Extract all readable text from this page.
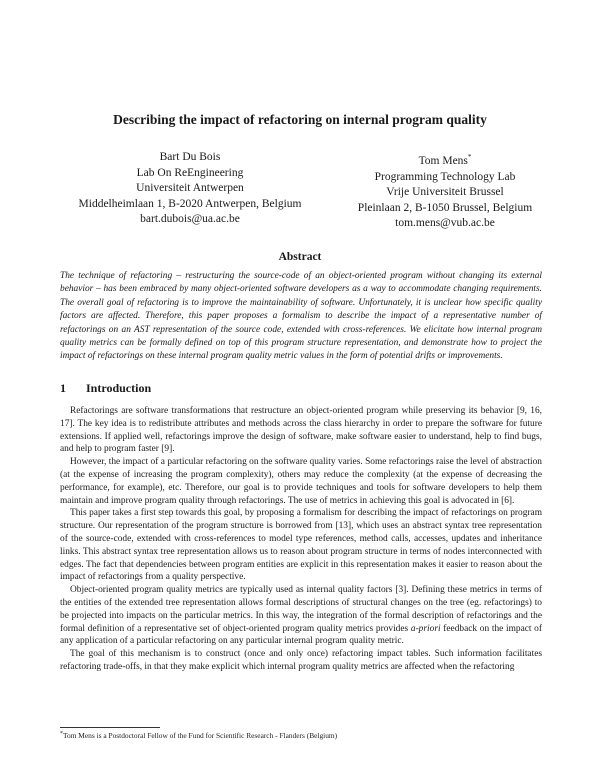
Describing the impact of refactoring on internal program quality
Bart Du Bois
Lab On ReEngineering
Universiteit Antwerpen
Middelheimlaan 1, B-2020 Antwerpen, Belgium
bart.dubois@ua.ac.be
Tom Mens*
Programming Technology Lab
Vrije Universiteit Brussel
Pleinlaan 2, B-1050 Brussel, Belgium
tom.mens@vub.ac.be
Abstract
The technique of refactoring – restructuring the source-code of an object-oriented program without changing its external behavior – has been embraced by many object-oriented software developers as a way to accommodate changing requirements. The overall goal of refactoring is to improve the maintainability of software. Unfortunately, it is unclear how specific quality factors are affected. Therefore, this paper proposes a formalism to describe the impact of a representative number of refactorings on an AST representation of the source code, extended with cross-references. We elicitate how internal program quality metrics can be formally defined on top of this program structure representation, and demonstrate how to project the impact of refactorings on these internal program quality metric values in the form of potential drifts or improvements.
1 Introduction

Refactorings are software transformations that restructure an object-oriented program while preserving its behavior [9, 16, 17]. The key idea is to redistribute attributes and methods across the class hierarchy in order to prepare the software for future extensions. If applied well, refactorings improve the design of software, make software easier to understand, help to find bugs, and help to program faster [9].

However, the impact of a particular refactoring on the software quality varies. Some refactorings raise the level of abstraction (at the expense of increasing the program complexity), others may reduce the complexity (at the expense of decreasing the performance, for example), etc. Therefore, our goal is to provide techniques and tools for software developers to help them maintain and improve program quality through refactorings. The use of metrics in achieving this goal is advocated in [6].

This paper takes a first step towards this goal, by proposing a formalism for describing the impact of refactorings on program structure. Our representation of the program structure is borrowed from [13], which uses an abstract syntax tree representation of the source-code, extended with cross-references to model type references, method calls, accesses, updates and inheritance links. This abstract syntax tree representation allows us to reason about program structure in terms of nodes interconnected with edges. The fact that dependencies between program entities are explicit in this representation makes it easier to reason about the impact of refactorings from a quality perspective.

Object-oriented program quality metrics are typically used as internal quality factors [3]. Defining these metrics in terms of the entities of the extended tree representation allows formal descriptions of structural changes on the tree (eg. refactorings) to be projected into impacts on the particular metrics. In this way, the integration of the formal description of refactorings and the formal definition of a representative set of object-oriented program quality metrics provides a-priori feedback on the impact of any application of a particular refactoring on any particular internal program quality metric.

The goal of this mechanism is to construct (once and only once) refactoring impact tables. Such information facilitates refactoring trade-offs, in that they make explicit which internal program quality metrics are affected when the refactoring

*Tom Mens is a Postdoctoral Fellow of the Fund for Scientific Research - Flanders (Belgium)
